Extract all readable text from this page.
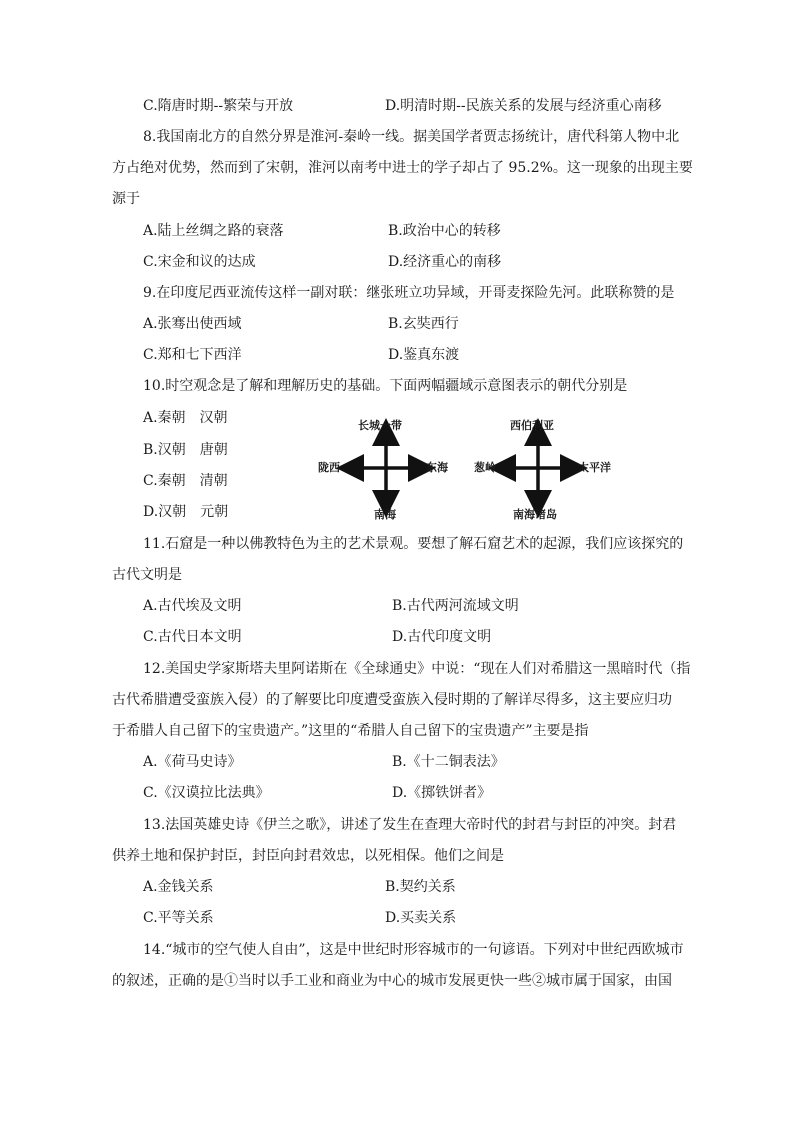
C.隋唐时期--繁荣与开放	D.明清时期--民族关系的发展与经济重心南移
8.我国南北方的自然分界是淮河-秦岭一线。据美国学者贾志扬统计，唐代科第人物中北
方占绝对优势，然而到了宋朝，淮河以南考中进士的学子却占了 95.2%。这一现象的出现主要
源于
A.陆上丝绸之路的衰落	B.政治中心的转移
C.宋金和议的达成	D.经济重心的南移
9.在印度尼西亚流传这样一副对联：继张班立功异域，开哥麦探险先河。此联称赞的是
A.张骞出使西域	B.玄奘西行
C.郑和七下西洋	D.鉴真东渡
10.时空观念是了解和理解历史的基础。下面两幅疆域示意图表示的朝代分别是
A.秦朝　汉朝
B.汉朝　唐朝
C.秦朝　清朝
D.汉朝　元朝
长城一带
陇西	东海
南海
西伯利亚
葱岭	太平洋
南海诸岛
11.石窟是一种以佛教特色为主的艺术景观。要想了解石窟艺术的起源，我们应该探究的
古代文明是
A.古代埃及文明	B.古代两河流域文明
C.古代日本文明	D.古代印度文明
12.美国史学家斯塔夫里阿诺斯在《全球通史》中说：“现在人们对希腊这一黑暗时代（指
古代希腊遭受蛮族入侵）的了解要比印度遭受蛮族入侵时期的了解详尽得多，这主要应归功
于希腊人自己留下的宝贵遗产。”这里的“希腊人自己留下的宝贵遗产”主要是指
A.《荷马史诗》	B.《十二铜表法》
C.《汉谟拉比法典》	D.《掷铁饼者》
13.法国英雄史诗《伊兰之歌》，讲述了发生在查理大帝时代的封君与封臣的冲突。封君
供养土地和保护封臣，封臣向封君效忠，以死相保。他们之间是
A.金钱关系	B.契约关系
C.平等关系	D.买卖关系
14.“城市的空气使人自由”，这是中世纪时形容城市的一句谚语。下列对中世纪西欧城市
的叙述，正确的是①当时以手工业和商业为中心的城市发展更快一些②城市属于国家，由国
